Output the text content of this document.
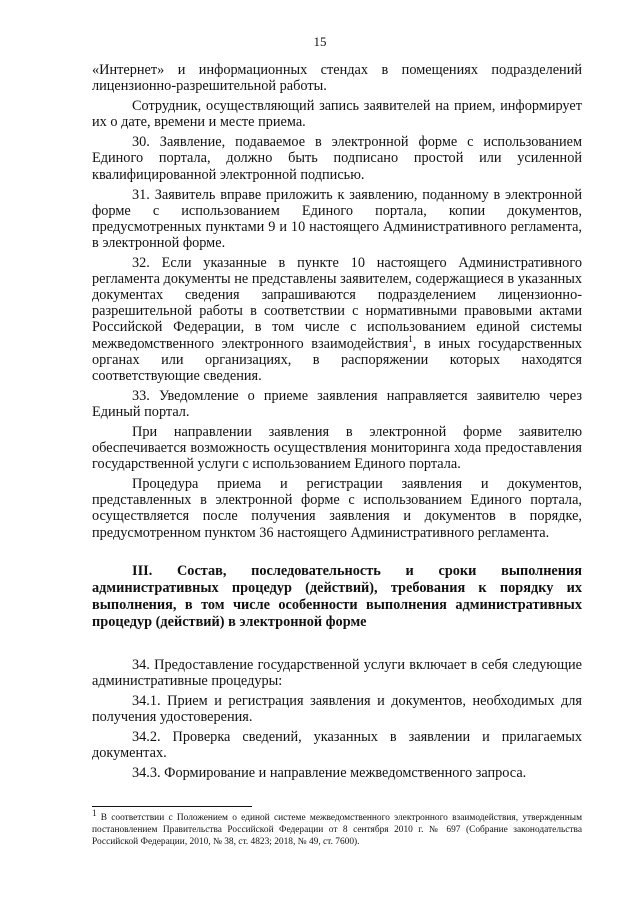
15

«Интернет» и информационных стендах в помещениях подразделений лицензионно-разрешительной работы.

Сотрудник, осуществляющий запись заявителей на прием, информирует их о дате, времени и месте приема.

30. Заявление, подаваемое в электронной форме с использованием Единого портала, должно быть подписано простой или усиленной квалифицированной электронной подписью.

31. Заявитель вправе приложить к заявлению, поданному в электронной форме с использованием Единого портала, копии документов, предусмотренных пунктами 9 и 10 настоящего Административного регламента, в электронной форме.

32. Если указанные в пункте 10 настоящего Административного регламента документы не представлены заявителем, содержащиеся в указанных документах сведения запрашиваются подразделением лицензионно-разрешительной работы в соответствии с нормативными правовыми актами Российской Федерации, в том числе с использованием единой системы межведомственного электронного взаимодействия$^1$, в иных государственных органах или организациях, в распоряжении которых находятся соответствующие сведения.

33. Уведомление о приеме заявления направляется заявителю через Единый портал.

При направлении заявления в электронной форме заявителю обеспечивается возможность осуществления мониторинга хода предоставления государственной услуги с использованием Единого портала.

Процедура приема и регистрации заявления и документов, представленных в электронной форме с использованием Единого портала, осуществляется после получения заявления и документов в порядке, предусмотренном пунктом 36 настоящего Административного регламента.

III. Состав, последовательность и сроки выполнения административных процедур (действий), требования к порядку их выполнения, в том числе особенности выполнения административных процедур (действий) в электронной форме

34. Предоставление государственной услуги включает в себя следующие административные процедуры:

34.1. Прием и регистрация заявления и документов, необходимых для получения удостоверения.

34.2. Проверка сведений, указанных в заявлении и прилагаемых документах.

34.3. Формирование и направление межведомственного запроса.

$^1$ В соответствии с Положением о единой системе межведомственного электронного взаимодействия, утвержденным постановлением Правительства Российской Федерации от 8 сентября 2010 г. № 697 (Собрание законодательства Российской Федерации, 2010, № 38, ст. 4823; 2018, № 49, ст. 7600).
